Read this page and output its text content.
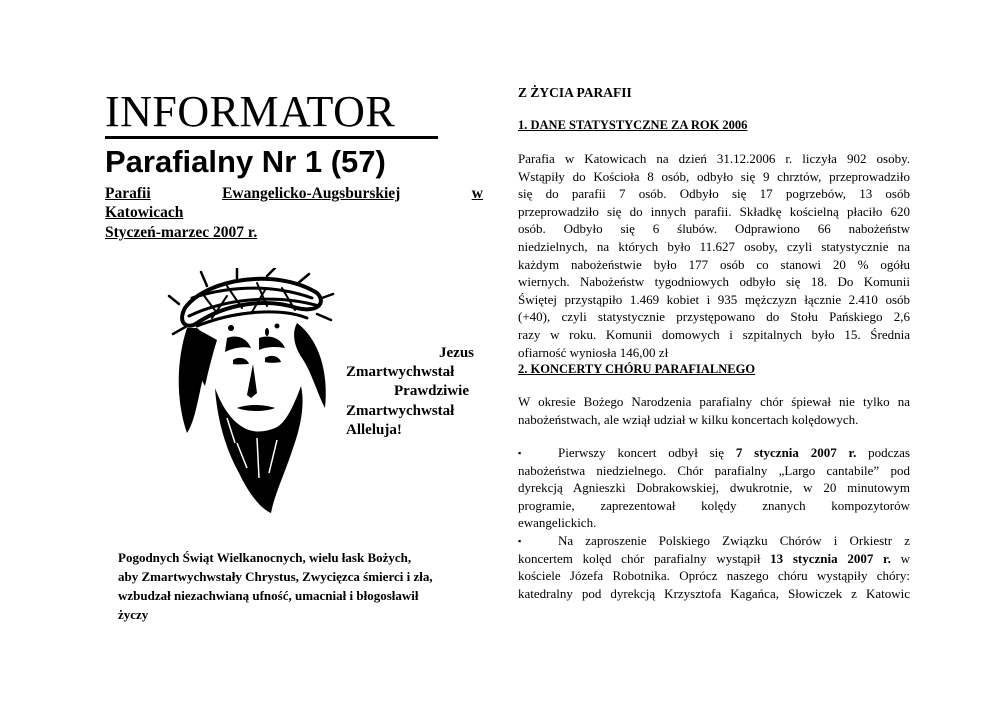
INFORMATOR
Parafialny Nr 1 (57)
Parafii	Ewangelicko-Augsburskiej	w
Katowicach
Styczeń-marzec 2007 r.
Jezus
Zmartwychwstał
Prawdziwie
Zmartwychwstał
Alleluja!
Pogodnych Świąt Wielkanocnych, wielu łask Bożych,
aby Zmartwychwstały Chrystus, Zwycięzca śmierci i zła,
wzbudzał niezachwianą ufność, umacniał i błogosławił
życzy
Z ŻYCIA PARAFII
1. DANE STATYSTYCZNE ZA ROK 2006
Parafia w Katowicach na dzień 31.12.2006 r. liczyła 902 osoby.
Wstąpiły do Kościoła 8 osób, odbyło się 9 chrztów, przeprowadziło
się do parafii 7 osób. Odbyło się 17 pogrzebów, 13 osób
przeprowadziło się do innych parafii. Składkę kościelną płaciło 620
osób. Odbyło się 6 ślubów. Odprawiono 66 nabożeństw
niedzielnych, na których było 11.627 osoby, czyli statystycznie na
każdym nabożeństwie było 177 osób co stanowi 20 % ogółu
wiernych. Nabożeństw tygodniowych odbyło się 18. Do Komunii
Świętej przystąpiło 1.469 kobiet i 935 mężczyzn łącznie 2.410 osób
(+40), czyli statystycznie przystępowano do Stołu Pańskiego 2,6
razy w roku. Komunii domowych i szpitalnych było 15. Średnia
ofiarność wyniosła 146,00 zł
2. KONCERTY CHÓRU PARAFIALNEGO
W okresie Bożego Narodzenia parafialny chór śpiewał nie tylko na
nabożeństwach, ale wziął udział w kilku koncertach kolędowych.
▪	Pierwszy koncert odbył się 7 stycznia 2007 r. podczas
nabożeństwa niedzielnego. Chór parafialny „Largo cantabile” pod
dyrekcją Agnieszki Dobrakowskiej, dwukrotnie, w 20 minutowym
programie, zaprezentował kolędy znanych kompozytorów
ewangelickich.
▪	Na zaproszenie Polskiego Związku Chórów i Orkiestr z
koncertem kolęd chór parafialny wystąpił 13 stycznia 2007 r. w
kościele Józefa Robotnika. Oprócz naszego chóru wystąpiły chóry:
katedralny pod dyrekcją Krzysztofa Kagańca, Słowiczek z Katowic
